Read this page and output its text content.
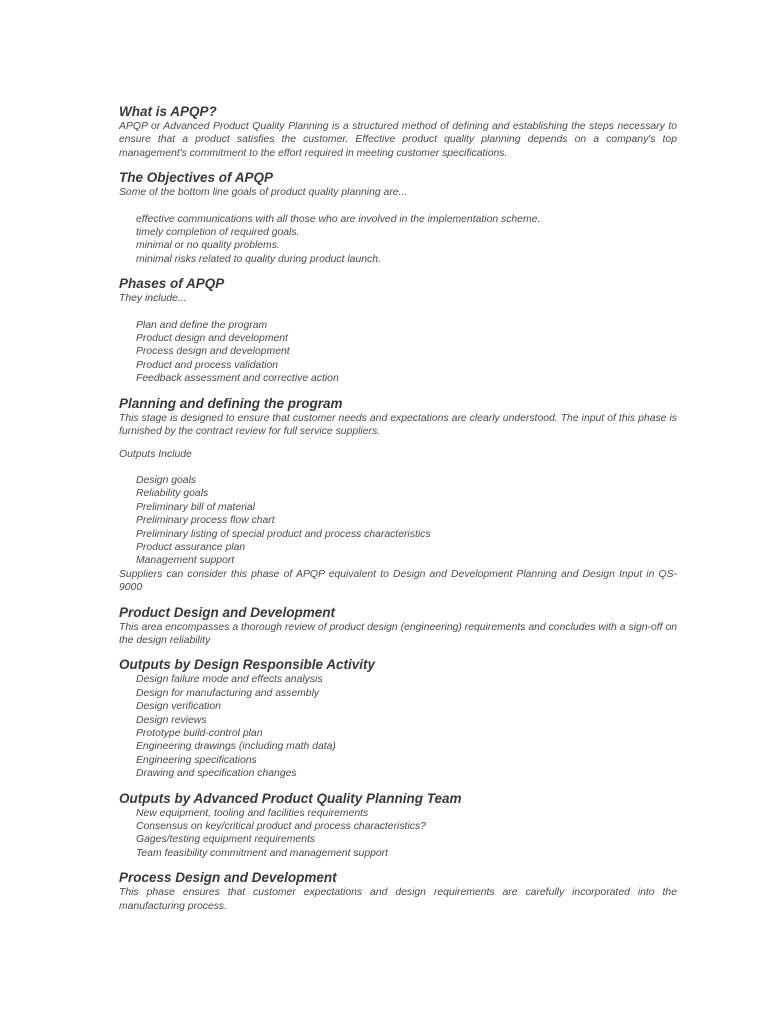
What is APQP?

APQP or Advanced Product Quality Planning is a structured method of defining and establishing the steps necessary to ensure that a product satisfies the customer. Effective product quality planning depends on a company's top management's commitment to the effort required in meeting customer specifications.

The Objectives of APQP

Some of the bottom line goals of product quality planning are...

effective communications with all those who are involved in the implementation scheme.
timely completion of required goals.
minimal or no quality problems.
minimal risks related to quality during product launch.
Phases of APQP

They include...

Plan and define the program
Product design and development
Process design and development
Product and process validation
Feedback assessment and corrective action
Planning and defining the program

This stage is designed to ensure that customer needs and expectations are clearly understood. The input of this phase is furnished by the contract review for full service suppliers.

Outputs Include

Design goals
Reliability goals
Preliminary bill of material
Preliminary process flow chart
Preliminary listing of special product and process characteristics
Product assurance plan
Management support

Suppliers can consider this phase of APQP equivalent to Design and Development Planning and Design Input in QS-9000

Product Design and Development

This area encompasses a thorough review of product design (engineering) requirements and concludes with a sign-off on the design reliability

Outputs by Design Responsible Activity
Design failure mode and effects analysis
Design for manufacturing and assembly
Design verification
Design reviews
Prototype build-control plan
Engineering drawings (including math data)
Engineering specifications
Drawing and specification changes
Outputs by Advanced Product Quality Planning Team
New equipment, tooling and facilities requirements
Consensus on key/critical product and process characteristics?
Gages/testing equipment requirements
Team feasibility commitment and management support
Process Design and Development

This phase ensures that customer expectations and design requirements are carefully incorporated into the manufacturing process.
